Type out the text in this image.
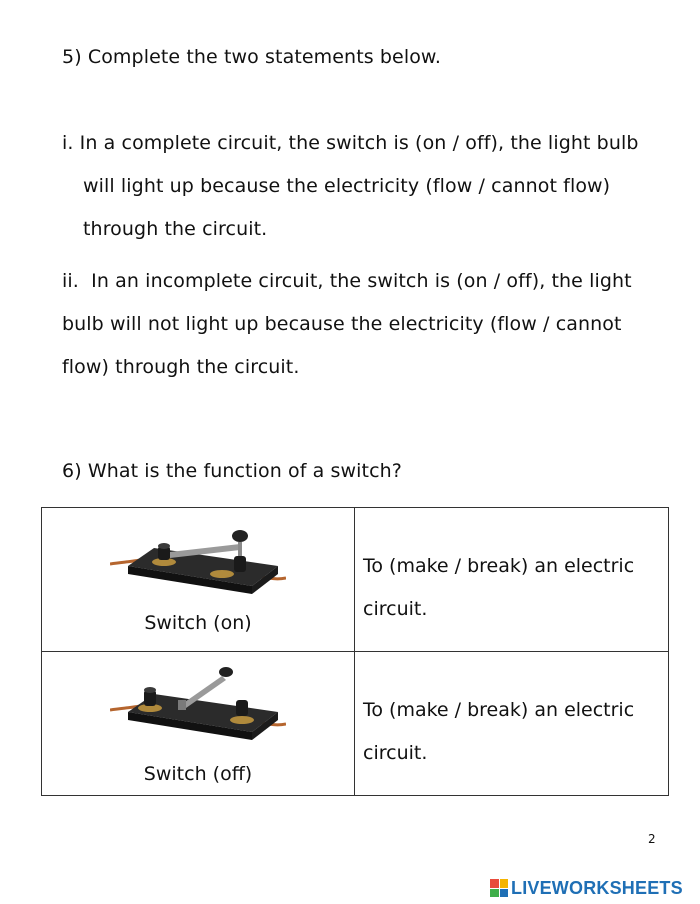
5) Complete the two statements below.
i. In a complete circuit, the switch is (on / off), the light bulb
will light up because the electricity (flow / cannot flow)
through the circuit.
ii.  In an incomplete circuit, the switch is (on / off), the light
bulb will not light up because the electricity (flow / cannot
flow) through the circuit.
6) What is the function of a switch?
Switch (on)	To (make / break) an electric
circuit.

Switch (off)	To (make / break) an electric
circuit.
2
LIVEWORKSHEETS
